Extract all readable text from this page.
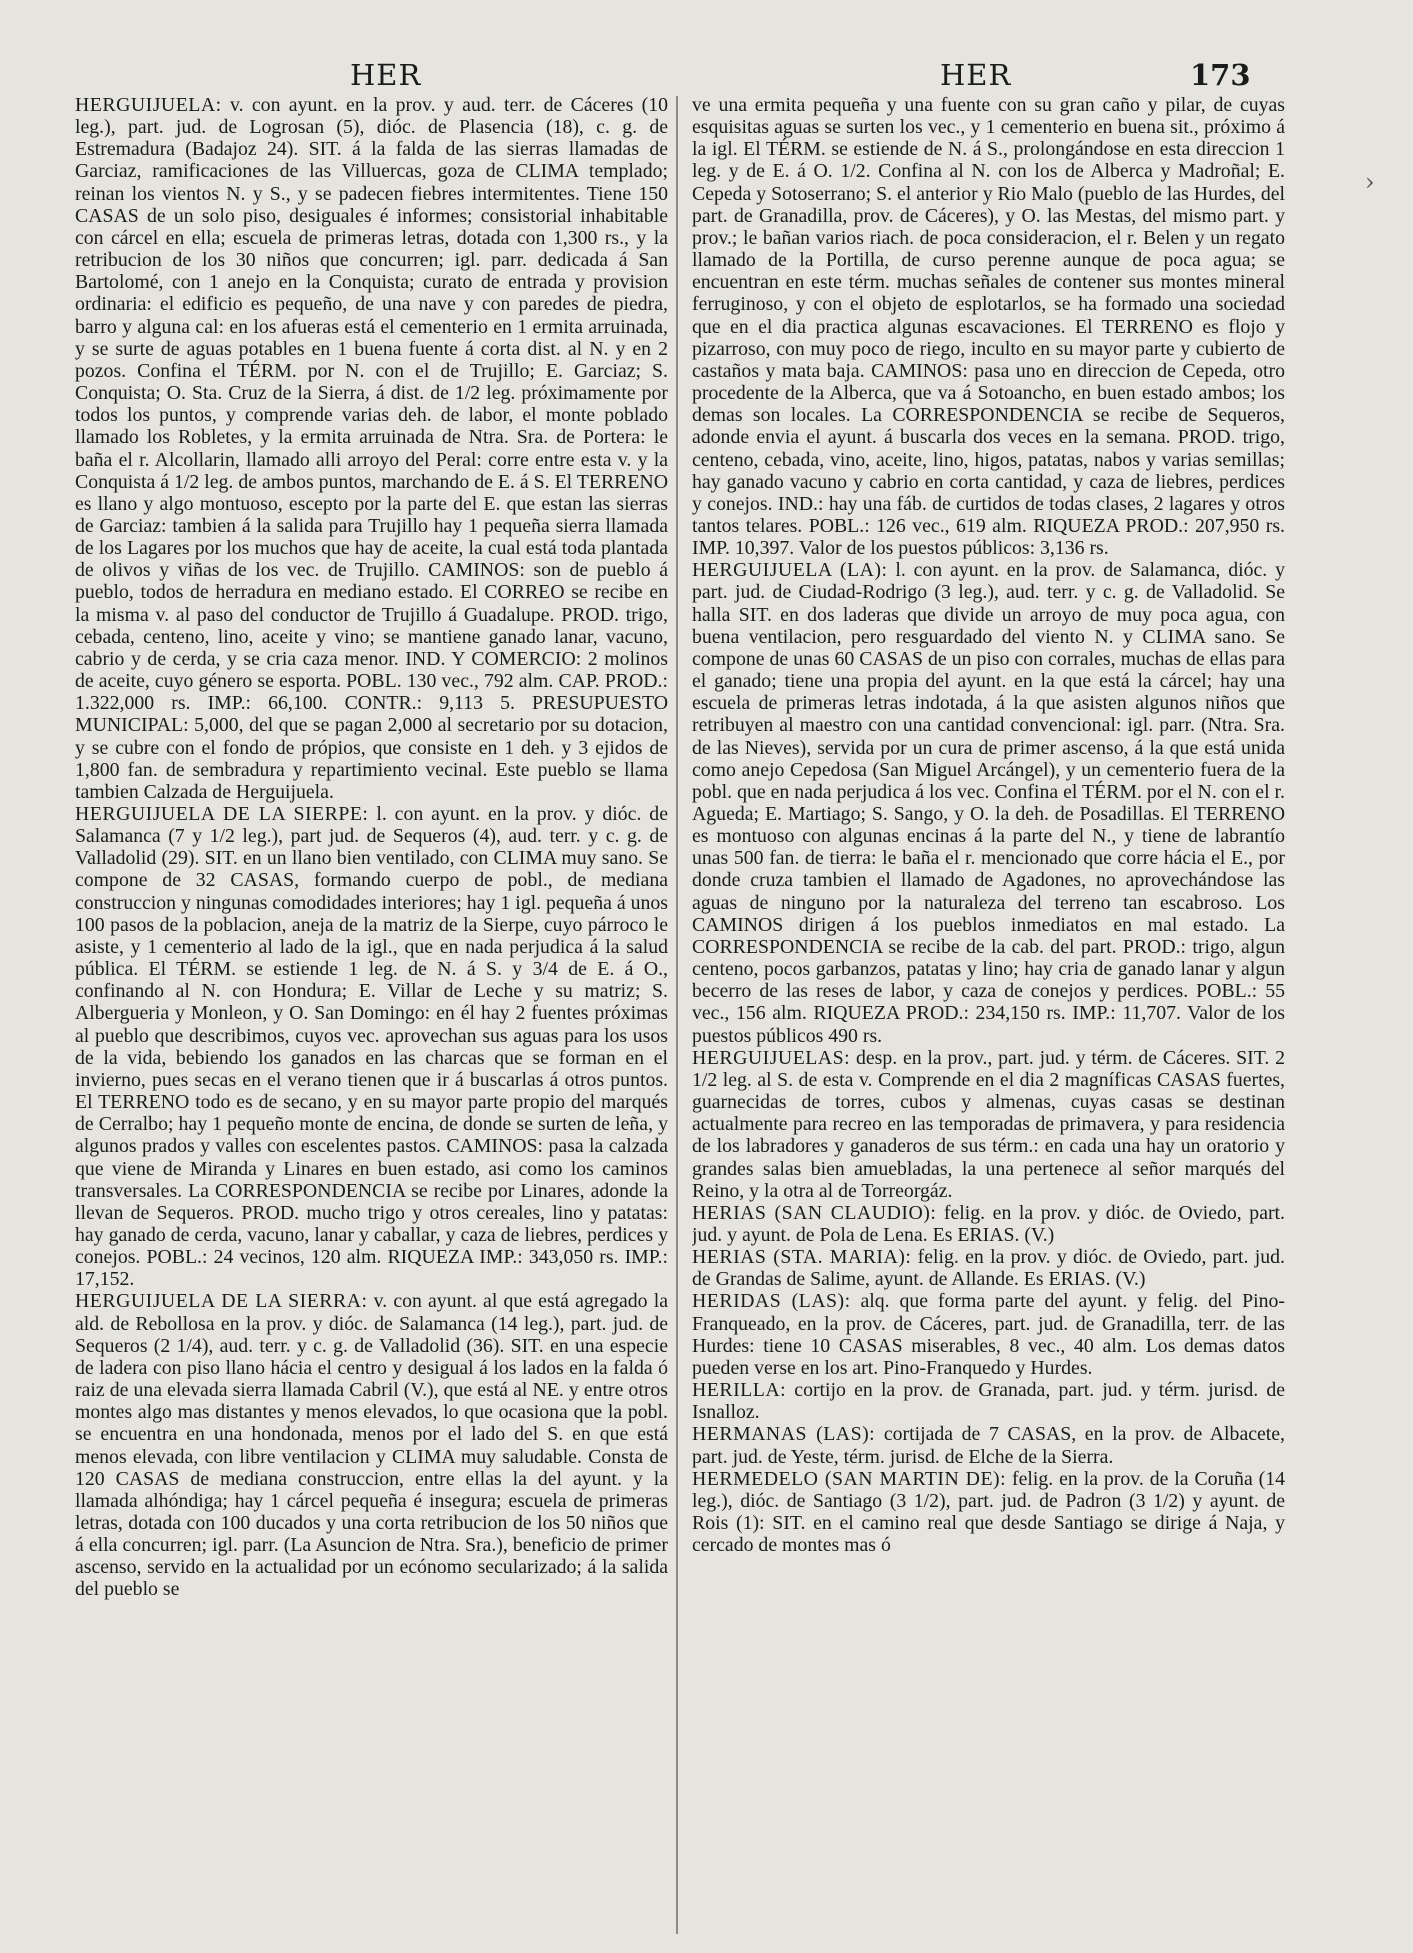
HER	HER	173
›

HERGUIJUELA: v. con ayunt. en la prov. y aud. terr. de Cáceres (10 leg.), part. jud. de Logrosan (5), dióc. de Plasencia (18), c. g. de Estremadura (Badajoz 24). SIT. á la falda de las sierras llamadas de Garciaz, ramificaciones de las Villuercas, goza de CLIMA templado; reinan los vientos N. y S., y se padecen fiebres intermitentes. Tiene 150 CASAS de un solo piso, desiguales é informes; consistorial inhabitable con cárcel en ella; escuela de primeras letras, dotada con 1,300 rs., y la retribucion de los 30 niños que concurren; igl. parr. dedicada á San Bartolomé, con 1 anejo en la Conquista; curato de entrada y provision ordinaria: el edificio es pequeño, de una nave y con paredes de piedra, barro y alguna cal: en los afueras está el cementerio en 1 ermita arruinada, y se surte de aguas potables en 1 buena fuente á corta dist. al N. y en 2 pozos. Confina el TÉRM. por N. con el de Trujillo; E. Garciaz; S. Conquista; O. Sta. Cruz de la Sierra, á dist. de 1/2 leg. próximamente por todos los puntos, y comprende varias deh. de labor, el monte poblado llamado los Robletes, y la ermita arruinada de Ntra. Sra. de Portera: le baña el r. Alcollarin, llamado alli arroyo del Peral: corre entre esta v. y la Conquista á 1/2 leg. de ambos puntos, marchando de E. á S. El TERRENO es llano y algo montuoso, escepto por la parte del E. que estan las sierras de Garciaz: tambien á la salida para Trujillo hay 1 pequeña sierra llamada de los Lagares por los muchos que hay de aceite, la cual está toda plantada de olivos y viñas de los vec. de Trujillo. CAMINOS: son de pueblo á pueblo, todos de herradura en mediano estado. El CORREO se recibe en la misma v. al paso del conductor de Trujillo á Guadalupe. PROD. trigo, cebada, centeno, lino, aceite y vino; se mantiene ganado lanar, vacuno, cabrio y de cerda, y se cria caza menor. IND. Y COMERCIO: 2 molinos de aceite, cuyo género se esporta. POBL. 130 vec., 792 alm. CAP. PROD.: 1.322,000 rs. IMP.: 66,100. CONTR.: 9,113 5. PRESUPUESTO MUNICIPAL: 5,000, del que se pagan 2,000 al secretario por su dotacion, y se cubre con el fondo de própios, que consiste en 1 deh. y 3 ejidos de 1,800 fan. de sembradura y repartimiento vecinal. Este pueblo se llama tambien Calzada de Herguijuela.

HERGUIJUELA DE LA SIERPE: l. con ayunt. en la prov. y dióc. de Salamanca (7 y 1/2 leg.), part jud. de Sequeros (4), aud. terr. y c. g. de Valladolid (29). SIT. en un llano bien ventilado, con CLIMA muy sano. Se compone de 32 CASAS, formando cuerpo de pobl., de mediana construccion y ningunas comodidades interiores; hay 1 igl. pequeña á unos 100 pasos de la poblacion, aneja de la matriz de la Sierpe, cuyo párroco le asiste, y 1 cementerio al lado de la igl., que en nada perjudica á la salud pública. El TÉRM. se estiende 1 leg. de N. á S. y 3/4 de E. á O., confinando al N. con Hondura; E. Villar de Leche y su matriz; S. Albergueria y Monleon, y O. San Domingo: en él hay 2 fuentes próximas al pueblo que describimos, cuyos vec. aprovechan sus aguas para los usos de la vida, bebiendo los ganados en las charcas que se forman en el invierno, pues secas en el verano tienen que ir á buscarlas á otros puntos. El TERRENO todo es de secano, y en su mayor parte propio del marqués de Cerralbo; hay 1 pequeño monte de encina, de donde se surten de leña, y algunos prados y valles con escelentes pastos. CAMINOS: pasa la calzada que viene de Miranda y Linares en buen estado, asi como los caminos transversales. La CORRESPONDENCIA se recibe por Linares, adonde la llevan de Sequeros. PROD. mucho trigo y otros cereales, lino y patatas: hay ganado de cerda, vacuno, lanar y caballar, y caza de liebres, perdices y conejos. POBL.: 24 vecinos, 120 alm. RIQUEZA IMP.: 343,050 rs. IMP.: 17,152.

HERGUIJUELA DE LA SIERRA: v. con ayunt. al que está agregado la ald. de Rebollosa en la prov. y dióc. de Salamanca (14 leg.), part. jud. de Sequeros (2 1/4), aud. terr. y c. g. de Valladolid (36). SIT. en una especie de ladera con piso llano hácia el centro y desigual á los lados en la falda ó raiz de una elevada sierra llamada Cabril (V.), que está al NE. y entre otros montes algo mas distantes y menos elevados, lo que ocasiona que la pobl. se encuentra en una hondonada, menos por el lado del S. en que está menos elevada, con libre ventilacion y CLIMA muy saludable. Consta de 120 CASAS de mediana construccion, entre ellas la del ayunt. y la llamada alhóndiga; hay 1 cárcel pequeña é insegura; escuela de primeras letras, dotada con 100 ducados y una corta retribucion de los 50 niños que á ella concurren; igl. parr. (La Asuncion de Ntra. Sra.), beneficio de primer ascenso, servido en la actualidad por un ecónomo secularizado; á la salida del pueblo se

ve una ermita pequeña y una fuente con su gran caño y pilar, de cuyas esquisitas aguas se surten los vec., y 1 cementerio en buena sit., próximo á la igl. El TÉRM. se estiende de N. á S., prolongándose en esta direccion 1 leg. y de E. á O. 1/2. Confina al N. con los de Alberca y Madroñal; E. Cepeda y Sotoserrano; S. el anterior y Rio Malo (pueblo de las Hurdes, del part. de Granadilla, prov. de Cáceres), y O. las Mestas, del mismo part. y prov.; le bañan varios riach. de poca consideracion, el r. Belen y un regato llamado de la Portilla, de curso perenne aunque de poca agua; se encuentran en este térm. muchas señales de contener sus montes mineral ferruginoso, y con el objeto de esplotarlos, se ha formado una sociedad que en el dia practica algunas escavaciones. El TERRENO es flojo y pizarroso, con muy poco de riego, inculto en su mayor parte y cubierto de castaños y mata baja. CAMINOS: pasa uno en direccion de Cepeda, otro procedente de la Alberca, que va á Sotoancho, en buen estado ambos; los demas son locales. La CORRESPONDENCIA se recibe de Sequeros, adonde envia el ayunt. á buscarla dos veces en la semana. PROD. trigo, centeno, cebada, vino, aceite, lino, higos, patatas, nabos y varias semillas; hay ganado vacuno y cabrio en corta cantidad, y caza de liebres, perdices y conejos. IND.: hay una fáb. de curtidos de todas clases, 2 lagares y otros tantos telares. POBL.: 126 vec., 619 alm. RIQUEZA PROD.: 207,950 rs. IMP. 10,397. Valor de los puestos públicos: 3,136 rs.

HERGUIJUELA (LA): l. con ayunt. en la prov. de Salamanca, dióc. y part. jud. de Ciudad-Rodrigo (3 leg.), aud. terr. y c. g. de Valladolid. Se halla SIT. en dos laderas que divide un arroyo de muy poca agua, con buena ventilacion, pero resguardado del viento N. y CLIMA sano. Se compone de unas 60 CASAS de un piso con corrales, muchas de ellas para el ganado; tiene una propia del ayunt. en la que está la cárcel; hay una escuela de primeras letras indotada, á la que asisten algunos niños que retribuyen al maestro con una cantidad convencional: igl. parr. (Ntra. Sra. de las Nieves), servida por un cura de primer ascenso, á la que está unida como anejo Cepedosa (San Miguel Arcángel), y un cementerio fuera de la pobl. que en nada perjudica á los vec. Confina el TÉRM. por el N. con el r. Agueda; E. Martiago; S. Sango, y O. la deh. de Posadillas. El TERRENO es montuoso con algunas encinas á la parte del N., y tiene de labrantío unas 500 fan. de tierra: le baña el r. mencionado que corre hácia el E., por donde cruza tambien el llamado de Agadones, no aprovechándose las aguas de ninguno por la naturaleza del terreno tan escabroso. Los CAMINOS dirigen á los pueblos inmediatos en mal estado. La CORRESPONDENCIA se recibe de la cab. del part. PROD.: trigo, algun centeno, pocos garbanzos, patatas y lino; hay cria de ganado lanar y algun becerro de las reses de labor, y caza de conejos y perdices. POBL.: 55 vec., 156 alm. RIQUEZA PROD.: 234,150 rs. IMP.: 11,707. Valor de los puestos públicos 490 rs.

HERGUIJUELAS: desp. en la prov., part. jud. y térm. de Cáceres. SIT. 2 1/2 leg. al S. de esta v. Comprende en el dia 2 magníficas CASAS fuertes, guarnecidas de torres, cubos y almenas, cuyas casas se destinan actualmente para recreo en las temporadas de primavera, y para residencia de los labradores y ganaderos de sus térm.: en cada una hay un oratorio y grandes salas bien amuebladas, la una pertenece al señor marqués del Reino, y la otra al de Torreorgáz.

HERIAS (SAN CLAUDIO): felig. en la prov. y dióc. de Oviedo, part. jud. y ayunt. de Pola de Lena. Es ERIAS. (V.)

HERIAS (STA. MARIA): felig. en la prov. y dióc. de Oviedo, part. jud. de Grandas de Salime, ayunt. de Allande. Es ERIAS. (V.)

HERIDAS (LAS): alq. que forma parte del ayunt. y felig. del Pino-Franqueado, en la prov. de Cáceres, part. jud. de Granadilla, terr. de las Hurdes: tiene 10 CASAS miserables, 8 vec., 40 alm. Los demas datos pueden verse en los art. Pino-Franquedo y Hurdes.

HERILLA: cortijo en la prov. de Granada, part. jud. y térm. jurisd. de Isnalloz.

HERMANAS (LAS): cortijada de 7 CASAS, en la prov. de Albacete, part. jud. de Yeste, térm. jurisd. de Elche de la Sierra.

HERMEDELO (SAN MARTIN DE): felig. en la prov. de la Coruña (14 leg.), dióc. de Santiago (3 1/2), part. jud. de Padron (3 1/2) y ayunt. de Rois (1): SIT. en el camino real que desde Santiago se dirige á Naja, y cercado de montes mas ó
